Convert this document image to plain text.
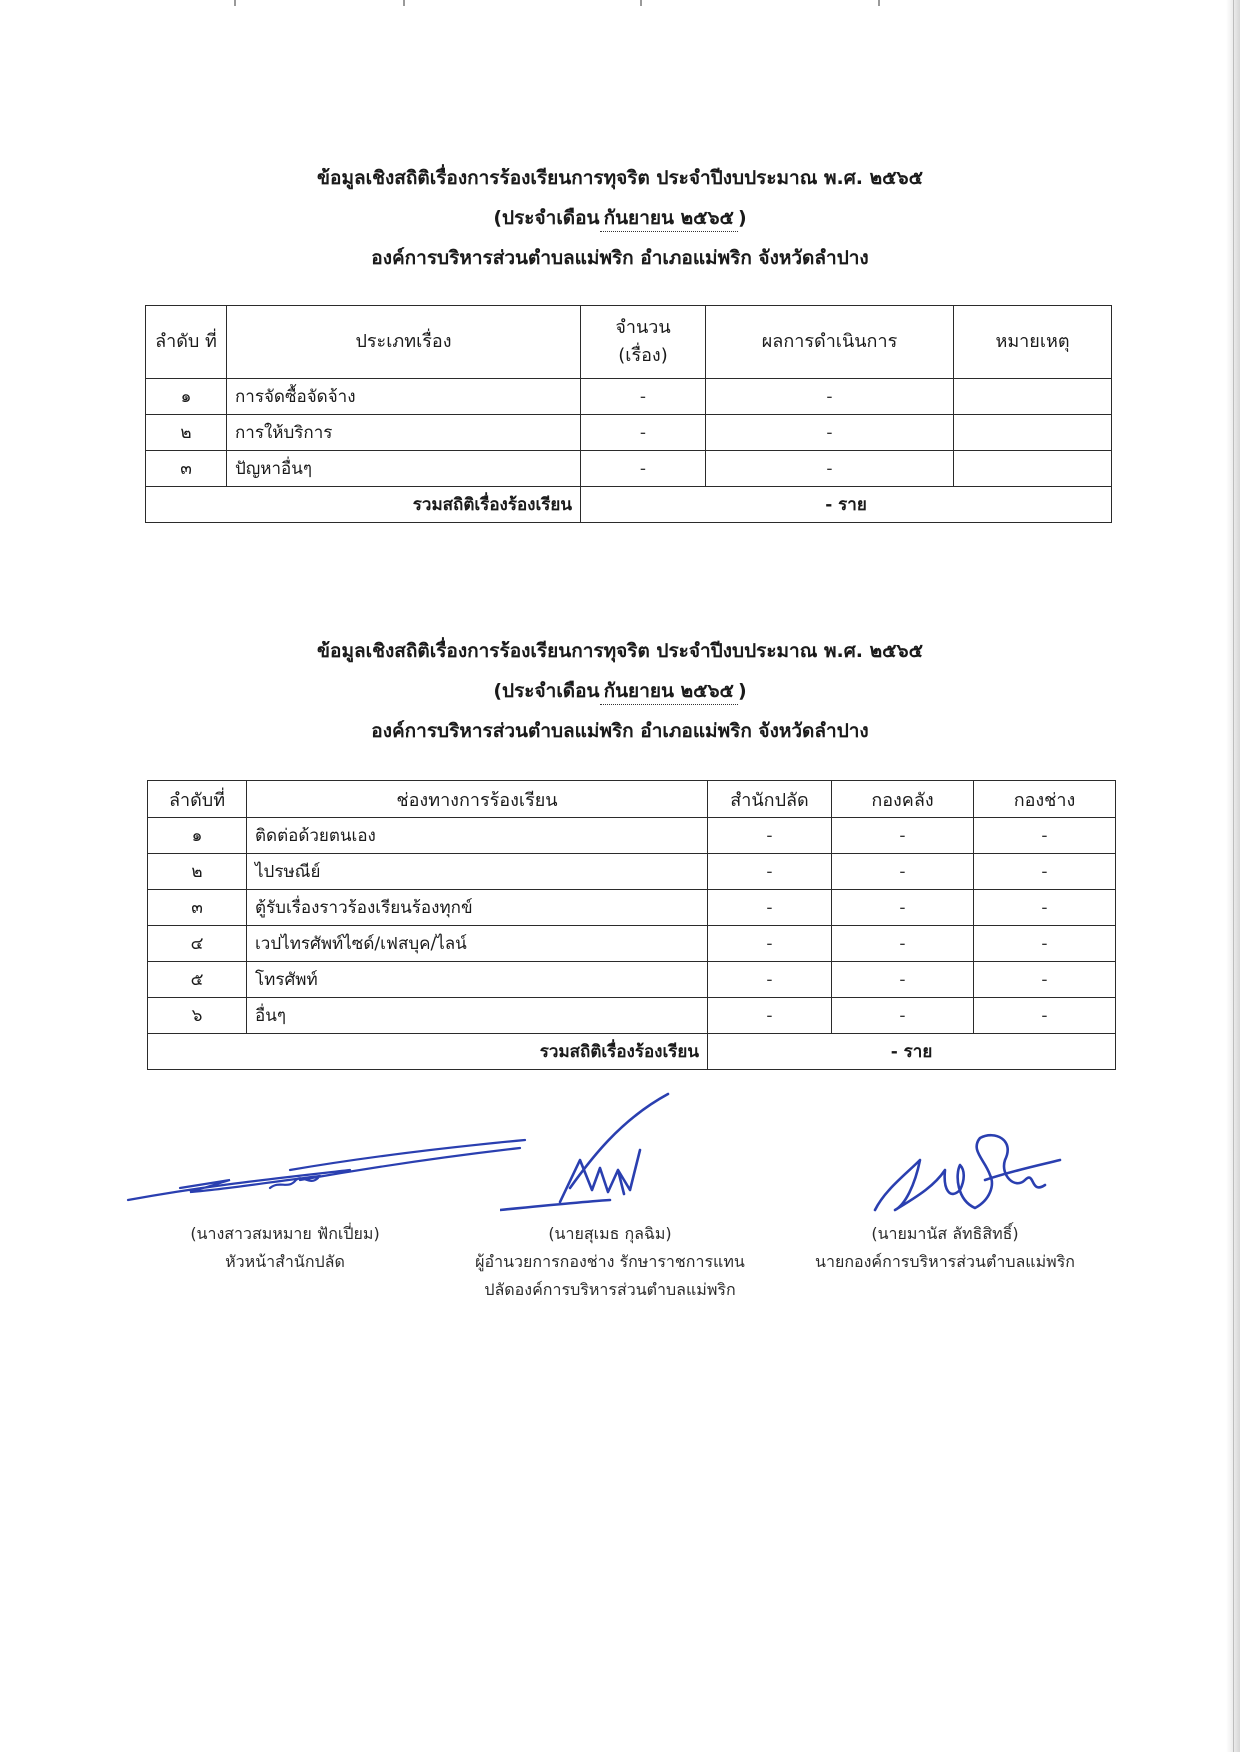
ข้อมูลเชิงสถิติเรื่องการร้องเรียนการทุจริต ประจำปีงบประมาณ พ.ศ. ๒๕๖๕
(ประจำเดือน กันยายน ๒๕๖๕ )
องค์การบริหารส่วนตำบลแม่พริก อำเภอแม่พริก จังหวัดลำปาง
ลำดับ ที่	ประเภทเรื่อง	จำนวน (เรื่อง)	ผลการดำเนินการ	หมายเหตุ
๑	การจัดซื้อจัดจ้าง	-	-	
๒	การให้บริการ	-	-	
๓	ปัญหาอื่นๆ	-	-	
รวมสถิติเรื่องร้องเรียน		- ราย		
ข้อมูลเชิงสถิติเรื่องการร้องเรียนการทุจริต ประจำปีงบประมาณ พ.ศ. ๒๕๖๕
(ประจำเดือน กันยายน ๒๕๖๕ )
องค์การบริหารส่วนตำบลแม่พริก อำเภอแม่พริก จังหวัดลำปาง
ลำดับที่	ช่องทางการร้องเรียน	สำนักปลัด	กองคลัง	กองช่าง
๑	ติดต่อด้วยตนเอง	-	-	-
๒	ไปรษณีย์	-	-	-
๓	ตู้รับเรื่องราวร้องเรียนร้องทุกข์	-	-	-
๔	เวปไทรศัพท์ไซด์/เฟสบุค/ไลน์	-	-	-
๕	โทรศัพท์	-	-	-
๖	อื่นๆ	-	-	-
รวมสถิติเรื่องร้องเรียน		- ราย		
(นางสาวสมหมาย ฟักเปี่ยม)
หัวหน้าสำนักปลัด
(นายสุเมธ กุลฉิม)
ผู้อำนวยการกองช่าง รักษาราชการแทน
ปลัดองค์การบริหารส่วนตำบลแม่พริก
(นายมานัส ลัทธิสิทธิ์)
นายกองค์การบริหารส่วนตำบลแม่พริก
